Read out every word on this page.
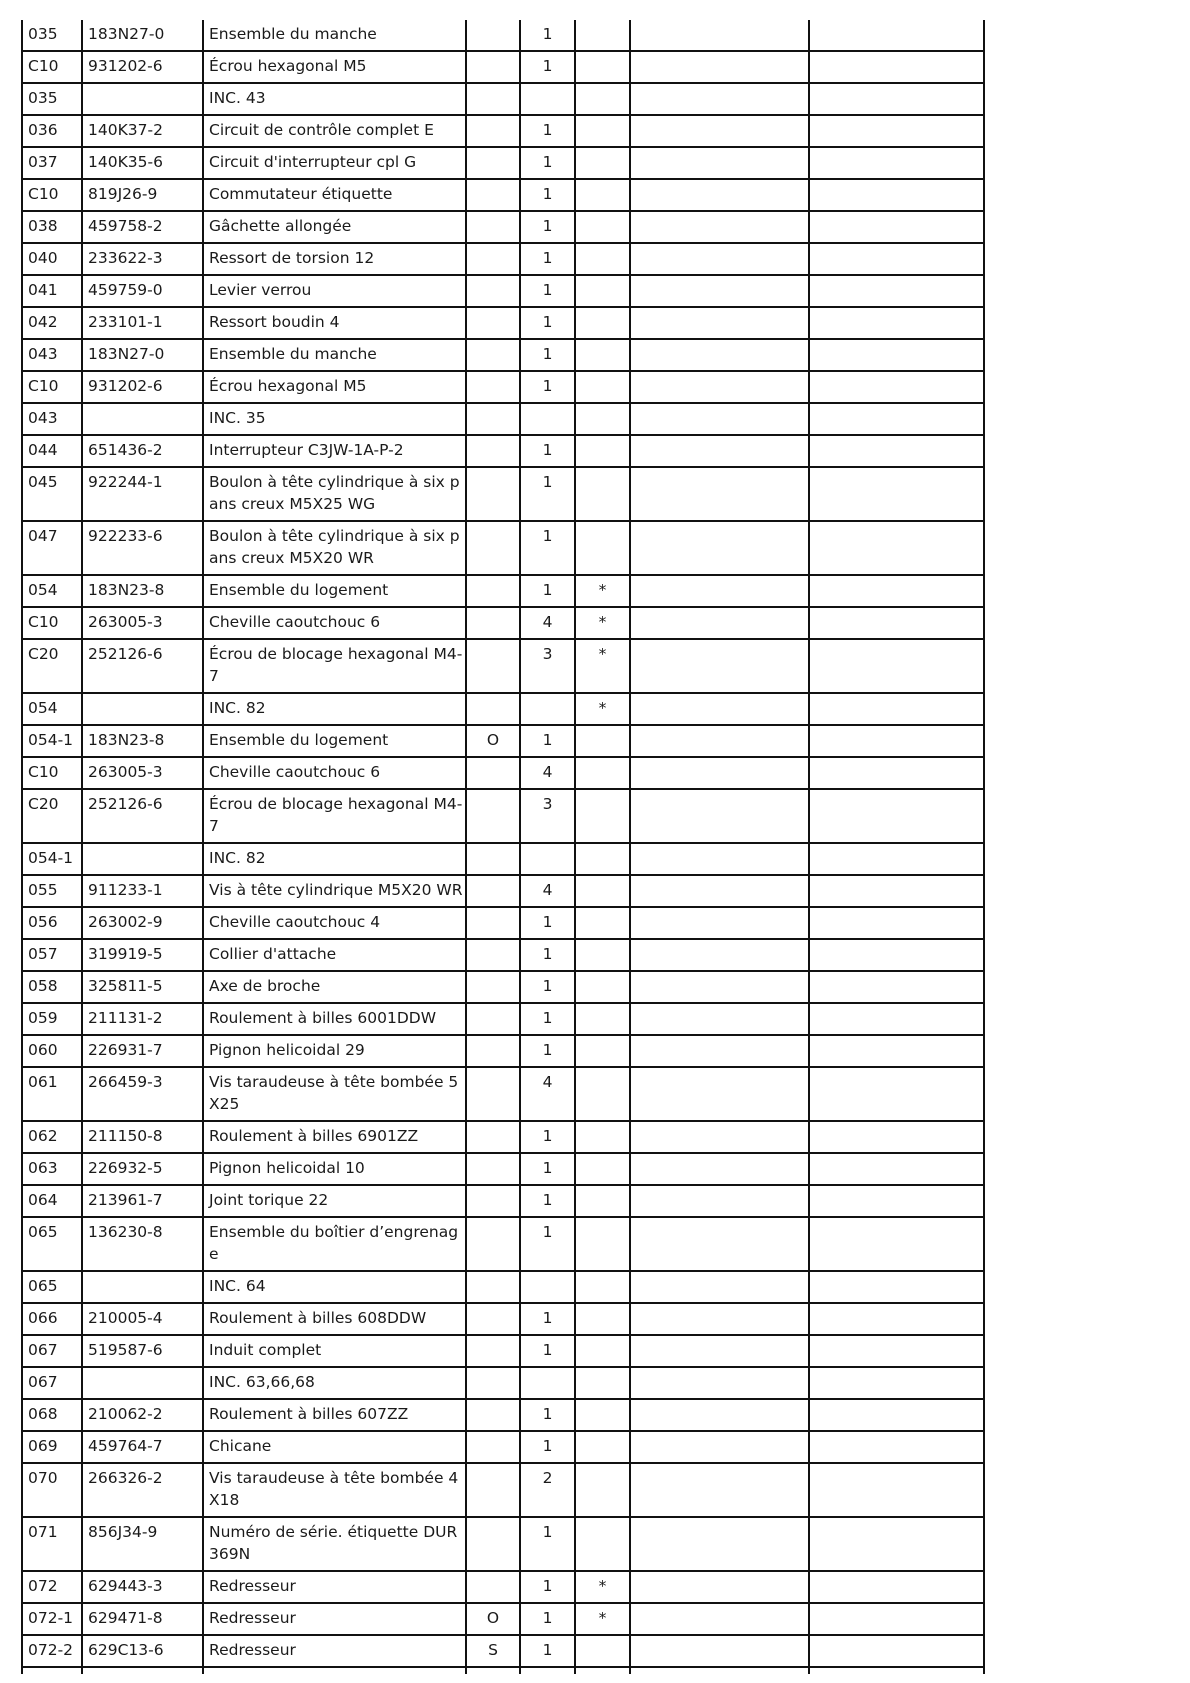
035	183N27-0	Ensemble du manche		1			
C10	931202-6	Écrou hexagonal M5		1			
035		INC. 43					
036	140K37-2	Circuit de contrôle complet E		1			
037	140K35-6	Circuit d'interrupteur cpl G		1			
C10	819J26-9	Commutateur étiquette		1			
038	459758-2	Gâchette allongée		1			
040	233622-3	Ressort de torsion 12		1			
041	459759-0	Levier verrou		1			
042	233101-1	Ressort boudin 4		1			
043	183N27-0	Ensemble du manche		1			
C10	931202-6	Écrou hexagonal M5		1			
043		INC. 35					
044	651436-2	Interrupteur C3JW-1A-P-2		1			
045	922244-1	Boulon à tête cylindrique à six pans creux M5X25 WG		1			
047	922233-6	Boulon à tête cylindrique à six pans creux M5X20 WR		1			
054	183N23-8	Ensemble du logement		1	*		
C10	263005-3	Cheville caoutchouc 6		4	*		
C20	252126-6	Écrou de blocage hexagonal M4-7		3	*		
054		INC. 82			*		
054-1	183N23-8	Ensemble du logement	O	1			
C10	263005-3	Cheville caoutchouc 6		4			
C20	252126-6	Écrou de blocage hexagonal M4-7		3			
054-1		INC. 82					
055	911233-1	Vis à tête cylindrique M5X20 WR		4			
056	263002-9	Cheville caoutchouc 4		1			
057	319919-5	Collier d'attache		1			
058	325811-5	Axe de broche		1			
059	211131-2	Roulement à billes 6001DDW		1			
060	226931-7	Pignon helicoidal 29		1			
061	266459-3	Vis taraudeuse à tête bombée 5X25		4			
062	211150-8	Roulement à billes 6901ZZ		1			
063	226932-5	Pignon helicoidal 10		1			
064	213961-7	Joint torique 22		1			
065	136230-8	Ensemble du boîtier d’engrenage		1			
065		INC. 64					
066	210005-4	Roulement à billes 608DDW		1			
067	519587-6	Induit complet		1			
067		INC. 63,66,68					
068	210062-2	Roulement à billes 607ZZ		1			
069	459764-7	Chicane		1			
070	266326-2	Vis taraudeuse à tête bombée 4X18		2			
071	856J34-9	Numéro de série. étiquette DUR369N		1			
072	629443-3	Redresseur		1	*		
072-1	629471-8	Redresseur	O	1	*		
072-2	629C13-6	Redresseur	S	1			
